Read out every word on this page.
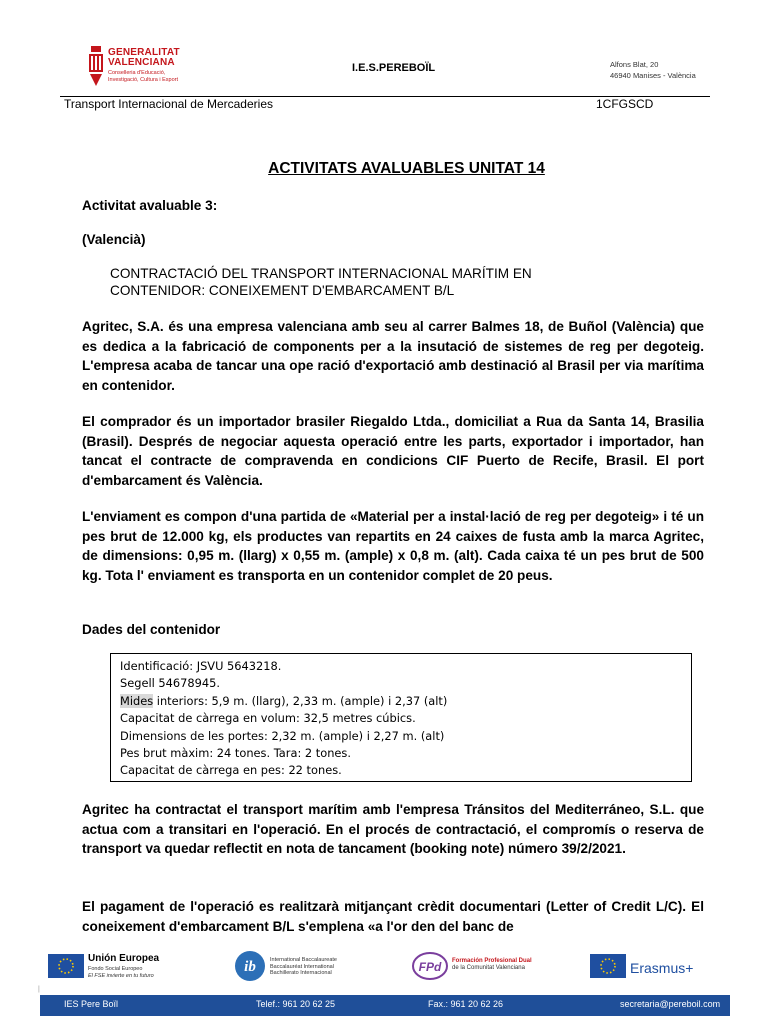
GENERALITAT
VALENCIANA
Conselleria d'Educació, Investigació, Cultura i Esport
I.E.S.PEREBOÏL	Alfons Blat, 20
46940 Manises - València
Transport Internacional de Mercaderies	1CFGSCD
ACTIVITATS AVALUABLES UNITAT 14
Activitat avaluable 3:
(Valencià)
CONTRACTACIÓ DEL TRANSPORT INTERNACIONAL MARÍTIM EN
CONTENIDOR: CONEIXEMENT D'EMBARCAMENT B/L
Agritec, S.A. és una empresa valenciana amb seu al carrer Balmes 18, de Buñol (València) que es dedica a la fabricació de components per a la insutació de sistemes de reg per degoteig. L'empresa acaba de tancar una ope ració d'exportació amb destinació al Brasil per via marítima en contenidor.
El comprador és un importador brasiler Riegaldo Ltda., domiciliat a Rua da Santa 14, Brasilia (Brasil). Després de negociar aquesta operació entre les parts, exportador i importador, han tancat el contracte de compravenda en condicions CIF Puerto de Recife, Brasil. El port d'embarcament és València.
L'enviament es compon d'una partida de «Material per a instal·lació de reg per degoteig» i té un pes brut de 12.000 kg, els productes van repartits en 24 caixes de fusta amb la marca Agritec, de dimensions: 0,95 m. (llarg) x 0,55 m. (ample) x 0,8 m. (alt). Cada caixa té un pes brut de 500 kg. Tota l' enviament es transporta en un contenidor complet de 20 peus.
Dades del contenidor
Identificació: JSVU 5643218.
Segell 54678945.
Mides interiors: 5,9 m. (llarg), 2,33 m. (ample) i 2,37 (alt)
Capacitat de càrrega en volum: 32,5 metres cúbics.
Dimensions de les portes: 2,32 m. (ample) i 2,27 m. (alt)
Pes brut màxim: 24 tones. Tara: 2 tones.
Capacitat de càrrega en pes: 22 tones.
Agritec ha contractat el transport marítim amb l'empresa Tránsitos del Mediterráneo, S.L. que actua com a transitari en l'operació. En el procés de contractació, el compromís o reserva de transport va quedar reflectit en nota de tancament (booking note) número 39/2/2021.
El pagament de l'operació es realitzarà mitjançant crèdit documentari (Letter of Credit L/C). El coneixement d'embarcament B/L s'emplena «a l'or den del banc de
Unión Europea
Fondo Social Europeo
El FSE invierte en tu futuro
ib	International Baccalaureate
Baccalauréat International
Bachillerato Internacional	FPd Formación Profesional Dual
de la Comunitat Valenciana	Erasmus+
|
IES Pere Boïl	Telef.: 961 20 62 25	Fax.: 961 20 62 26	secretaria@pereboil.com
